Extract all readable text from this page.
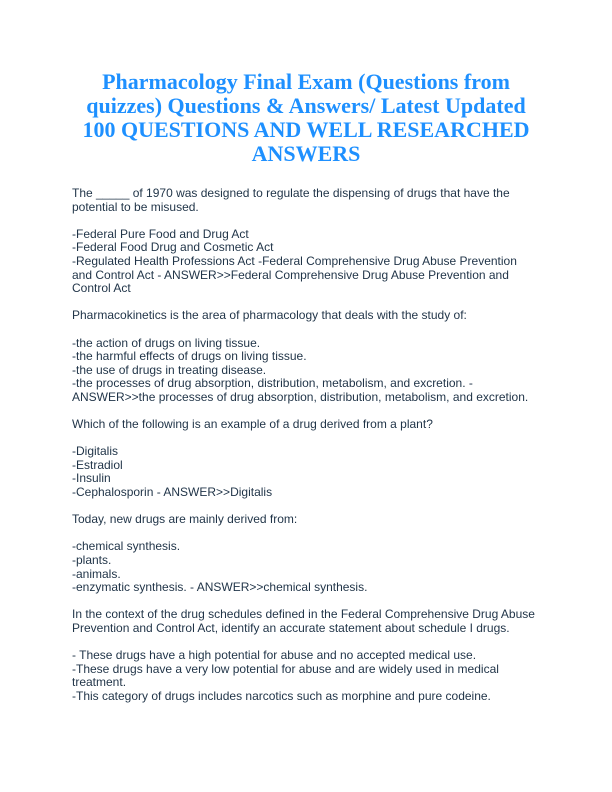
Pharmacology Final Exam (Questions from
quizzes) Questions & Answers/ Latest Updated
100 QUESTIONS AND WELL RESEARCHED
ANSWERS

The _____ of 1970 was designed to regulate the dispensing of drugs that have the
potential to be misused.

-Federal Pure Food and Drug Act
-Federal Food Drug and Cosmetic Act
-Regulated Health Professions Act -Federal Comprehensive Drug Abuse Prevention
and Control Act - ANSWER>>Federal Comprehensive Drug Abuse Prevention and
Control Act

Pharmacokinetics is the area of pharmacology that deals with the study of:

-the action of drugs on living tissue.
-the harmful effects of drugs on living tissue.
-the use of drugs in treating disease.
-the processes of drug absorption, distribution, metabolism, and excretion. -
ANSWER>>the processes of drug absorption, distribution, metabolism, and excretion.

Which of the following is an example of a drug derived from a plant?

-Digitalis
-Estradiol
-Insulin
-Cephalosporin - ANSWER>>Digitalis

Today, new drugs are mainly derived from:

-chemical synthesis.
-plants.
-animals.
-enzymatic synthesis. - ANSWER>>chemical synthesis.

In the context of the drug schedules defined in the Federal Comprehensive Drug Abuse
Prevention and Control Act, identify an accurate statement about schedule I drugs.

- These drugs have a high potential for abuse and no accepted medical use.
-These drugs have a very low potential for abuse and are widely used in medical
treatment.
-This category of drugs includes narcotics such as morphine and pure codeine.
